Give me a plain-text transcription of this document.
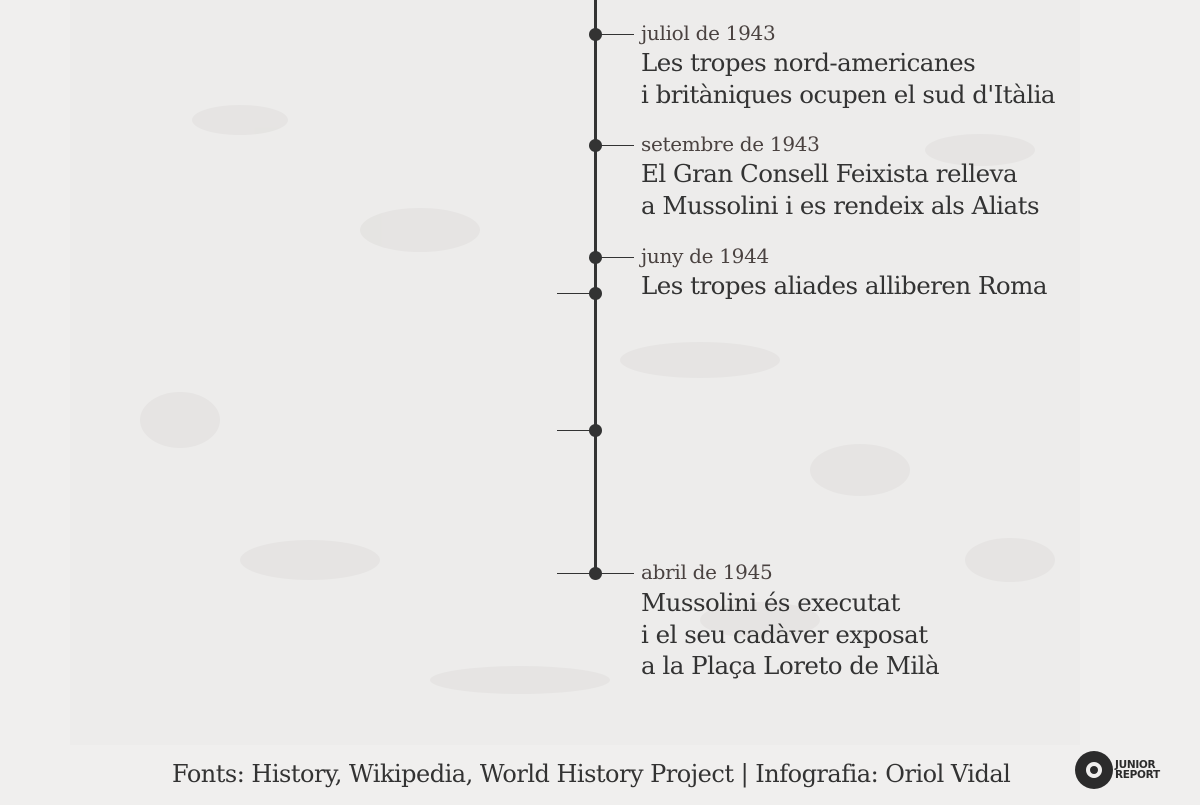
juliol de 1943
Les tropes nord-americanes
i britàniques ocupen el sud d'Itàlia
setembre de 1943
El Gran Consell Feixista relleva
a Mussolini i es rendeix als Aliats
juny de 1944
Les tropes aliades alliberen Roma
abril de 1945
Mussolini és executat
i el seu cadàver exposat
a la Plaça Loreto de Milà
Fonts: History, Wikipedia, World History Project | Infografia: Oriol Vidal	JUNIOR
REPORT
